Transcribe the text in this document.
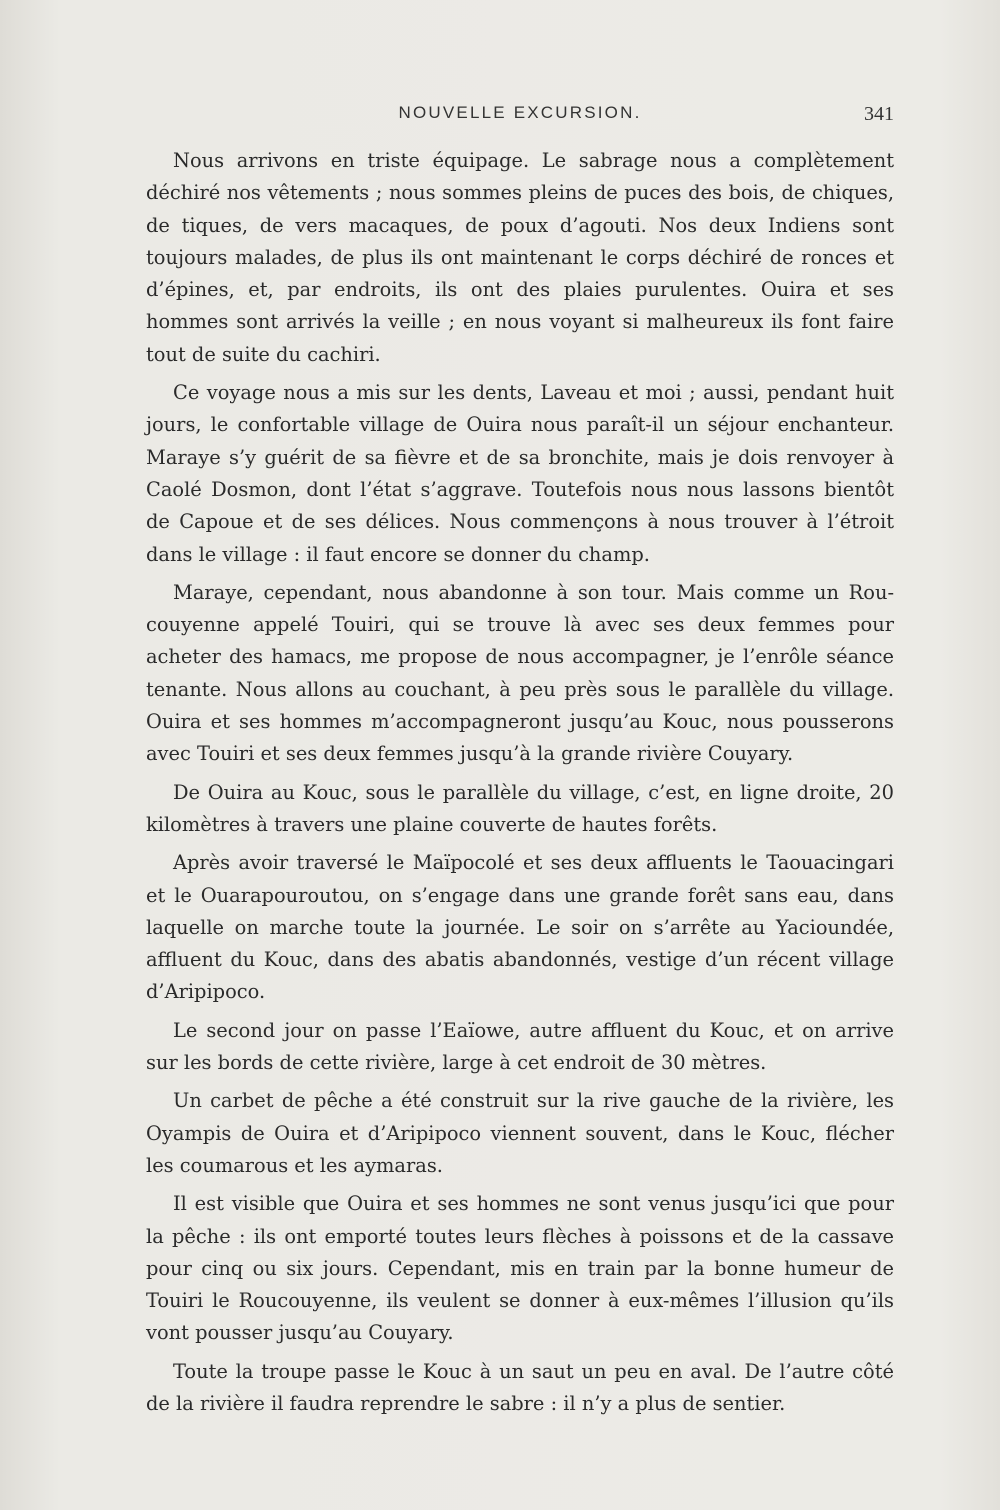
NOUVELLE EXCURSION.	341

Nous arrivons en triste équipage. Le sabrage nous a complètement déchiré nos vêtements ; nous sommes pleins de puces des bois, de chiques, de tiques, de vers macaques, de poux d’agouti. Nos deux Indiens sont toujours malades, de plus ils ont maintenant le corps déchiré de ronces et d’épines, et, par endroits, ils ont des plaies purulentes. Ouira et ses hommes sont arrivés la veille ; en nous voyant si malheureux ils font faire tout de suite du cachiri.

Ce voyage nous a mis sur les dents, Laveau et moi ; aussi, pendant huit jours, le confortable village de Ouira nous paraît-il un séjour enchanteur. Maraye s’y guérit de sa fièvre et de sa bronchite, mais je dois renvoyer à Caolé Dosmon, dont l’état s’aggrave. Toutefois nous nous lassons bientôt de Capoue et de ses délices. Nous commençons à nous trouver à l’étroit dans le village : il faut encore se donner du champ.

Maraye, cependant, nous abandonne à son tour. Mais comme un Roucouyenne appelé Touiri, qui se trouve là avec ses deux femmes pour acheter des hamacs, me propose de nous accompagner, je l’enrôle séance tenante. Nous allons au couchant, à peu près sous le parallèle du village. Ouira et ses hommes m’accompagneront jusqu’au Kouc, nous pousserons avec Touiri et ses deux femmes jusqu’à la grande rivière Couyary.

De Ouira au Kouc, sous le parallèle du village, c’est, en ligne droite, 20 kilomètres à travers une plaine couverte de hautes forêts.

Après avoir traversé le Maïpocolé et ses deux affluents le Taouacingari et le Ouarapouroutou, on s’engage dans une grande forêt sans eau, dans laquelle on marche toute la journée. Le soir on s’arrête au Yacioundée, affluent du Kouc, dans des abatis abandonnés, vestige d’un récent village d’Aripipoco.

Le second jour on passe l’Eaïowe, autre affluent du Kouc, et on arrive sur les bords de cette rivière, large à cet endroit de 30 mètres.

Un carbet de pêche a été construit sur la rive gauche de la rivière, les Oyampis de Ouira et d’Aripipoco viennent souvent, dans le Kouc, flécher les coumarous et les aymaras.

Il est visible que Ouira et ses hommes ne sont venus jusqu’ici que pour la pêche : ils ont emporté toutes leurs flèches à poissons et de la cassave pour cinq ou six jours. Cependant, mis en train par la bonne humeur de Touiri le Roucouyenne, ils veulent se donner à eux-mêmes l’illusion qu’ils vont pousser jusqu’au Couyary.

Toute la troupe passe le Kouc à un saut un peu en aval. De l’autre côté de la rivière il faudra reprendre le sabre : il n’y a plus de sentier.
